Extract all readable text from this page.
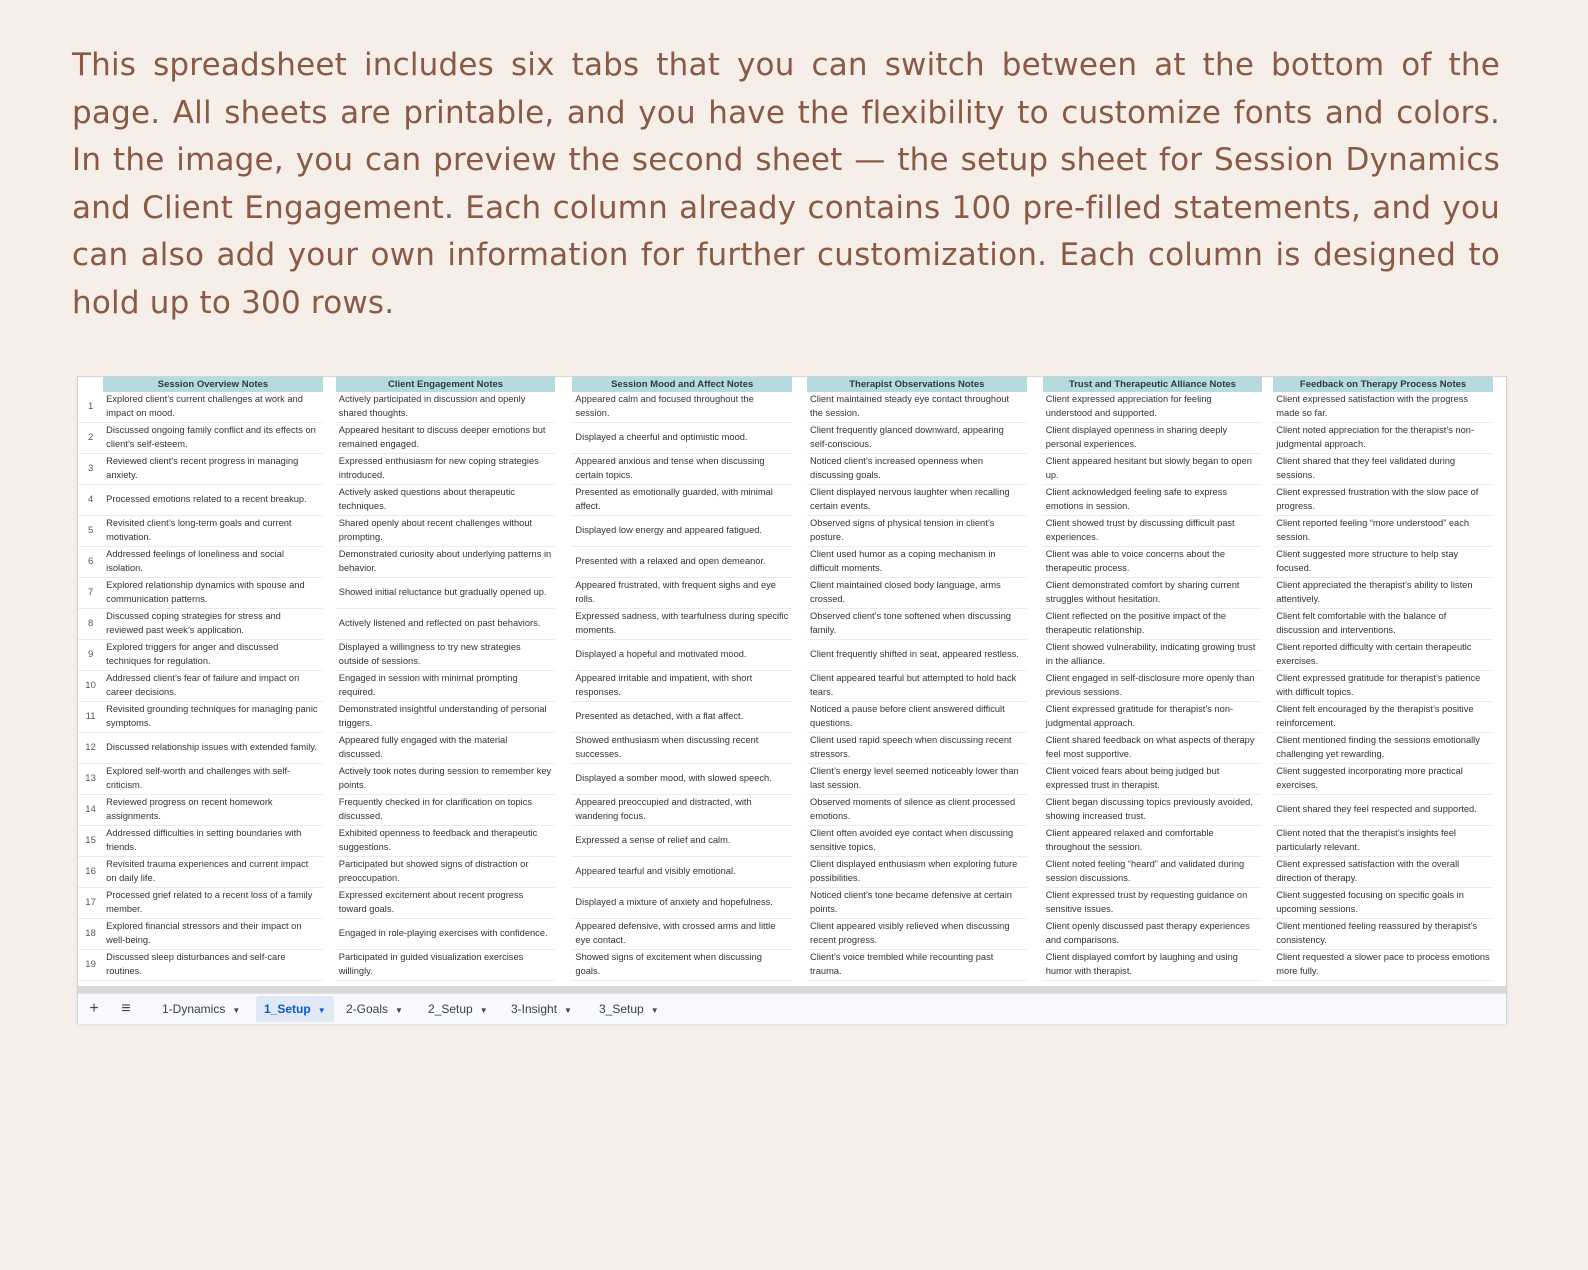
This spreadsheet includes six tabs that you can switch between at the bottom of the page. All sheets are printable, and you have the flexibility to customize fonts and colors. In the image, you can preview the second sheet — the setup sheet for Session Dynamics and Client Engagement. Each column already contains 100 pre-filled statements, and you can also add your own information for further customization. Each column is designed to hold up to 300 rows.

	Session Overview Notes		Client Engagement Notes		Session Mood and Affect Notes		Therapist Observations Notes		Trust and Therapeutic Alliance Notes		Feedback on Therapy Process Notes	
1	Explored client’s current challenges at work and impact on mood.		Actively participated in discussion and openly shared thoughts.		Appeared calm and focused throughout the session.		Client maintained steady eye contact throughout the session.		Client expressed appreciation for feeling understood and supported.		Client expressed satisfaction with the progress made so far.	
2	Discussed ongoing family conflict and its effects on client’s self-esteem.		Appeared hesitant to discuss deeper emotions but remained engaged.		Displayed a cheerful and optimistic mood.		Client frequently glanced downward, appearing self-conscious.		Client displayed openness in sharing deeply personal experiences.		Client noted appreciation for the therapist’s non-judgmental approach.	
3	Reviewed client’s recent progress in managing anxiety.		Expressed enthusiasm for new coping strategies introduced.		Appeared anxious and tense when discussing certain topics.		Noticed client’s increased openness when discussing goals.		Client appeared hesitant but slowly began to open up.		Client shared that they feel validated during sessions.	
4	Processed emotions related to a recent breakup.		Actively asked questions about therapeutic techniques.		Presented as emotionally guarded, with minimal affect.		Client displayed nervous laughter when recalling certain events.		Client acknowledged feeling safe to express emotions in session.		Client expressed frustration with the slow pace of progress.	
5	Revisited client’s long-term goals and current motivation.		Shared openly about recent challenges without prompting.		Displayed low energy and appeared fatigued.		Observed signs of physical tension in client’s posture.		Client showed trust by discussing difficult past experiences.		Client reported feeling “more understood” each session.	
6	Addressed feelings of loneliness and social isolation.		Demonstrated curiosity about underlying patterns in behavior.		Presented with a relaxed and open demeanor.		Client used humor as a coping mechanism in difficult moments.		Client was able to voice concerns about the therapeutic process.		Client suggested more structure to help stay focused.	
7	Explored relationship dynamics with spouse and communication patterns.		Showed initial reluctance but gradually opened up.		Appeared frustrated, with frequent sighs and eye rolls.		Client maintained closed body language, arms crossed.		Client demonstrated comfort by sharing current struggles without hesitation.		Client appreciated the therapist’s ability to listen attentively.	
8	Discussed coping strategies for stress and reviewed past week’s application.		Actively listened and reflected on past behaviors.		Expressed sadness, with tearfulness during specific moments.		Observed client’s tone softened when discussing family.		Client reflected on the positive impact of the therapeutic relationship.		Client felt comfortable with the balance of discussion and interventions.	
9	Explored triggers for anger and discussed techniques for regulation.		Displayed a willingness to try new strategies outside of sessions.		Displayed a hopeful and motivated mood.		Client frequently shifted in seat, appeared restless.		Client showed vulnerability, indicating growing trust in the alliance.		Client reported difficulty with certain therapeutic exercises.	
10	Addressed client’s fear of failure and impact on career decisions.		Engaged in session with minimal prompting required.		Appeared irritable and impatient, with short responses.		Client appeared tearful but attempted to hold back tears.		Client engaged in self-disclosure more openly than previous sessions.		Client expressed gratitude for therapist’s patience with difficult topics.	
11	Revisited grounding techniques for managing panic symptoms.		Demonstrated insightful understanding of personal triggers.		Presented as detached, with a flat affect.		Noticed a pause before client answered difficult questions.		Client expressed gratitude for therapist’s non-judgmental approach.		Client felt encouraged by the therapist’s positive reinforcement.	
12	Discussed relationship issues with extended family.		Appeared fully engaged with the material discussed.		Showed enthusiasm when discussing recent successes.		Client used rapid speech when discussing recent stressors.		Client shared feedback on what aspects of therapy feel most supportive.		Client mentioned finding the sessions emotionally challenging yet rewarding.	
13	Explored self-worth and challenges with self-criticism.		Actively took notes during session to remember key points.		Displayed a somber mood, with slowed speech.		Client’s energy level seemed noticeably lower than last session.		Client voiced fears about being judged but expressed trust in therapist.		Client suggested incorporating more practical exercises.	
14	Reviewed progress on recent homework assignments.		Frequently checked in for clarification on topics discussed.		Appeared preoccupied and distracted, with wandering focus.		Observed moments of silence as client processed emotions.		Client began discussing topics previously avoided, showing increased trust.		Client shared they feel respected and supported.	
15	Addressed difficulties in setting boundaries with friends.		Exhibited openness to feedback and therapeutic suggestions.		Expressed a sense of relief and calm.		Client often avoided eye contact when discussing sensitive topics.		Client appeared relaxed and comfortable throughout the session.		Client noted that the therapist’s insights feel particularly relevant.	
16	Revisited trauma experiences and current impact on daily life.		Participated but showed signs of distraction or preoccupation.		Appeared tearful and visibly emotional.		Client displayed enthusiasm when exploring future possibilities.		Client noted feeling “heard” and validated during session discussions.		Client expressed satisfaction with the overall direction of therapy.	
17	Processed grief related to a recent loss of a family member.		Expressed excitement about recent progress toward goals.		Displayed a mixture of anxiety and hopefulness.		Noticed client’s tone became defensive at certain points.		Client expressed trust by requesting guidance on sensitive issues.		Client suggested focusing on specific goals in upcoming sessions.	
18	Explored financial stressors and their impact on well-being.		Engaged in role-playing exercises with confidence.		Appeared defensive, with crossed arms and little eye contact.		Client appeared visibly relieved when discussing recent progress.		Client openly discussed past therapy experiences and comparisons.		Client mentioned feeling reassured by therapist’s consistency.	
19	Discussed sleep disturbances and self-care routines.		Participated in guided visualization exercises willingly.		Showed signs of excitement when discussing goals.		Client’s voice trembled while recounting past trauma.		Client displayed comfort by laughing and using humor with therapist.		Client requested a slower pace to process emotions more fully.	
+	≡	1-Dynamics ▼	1_Setup ▼	2-Goals ▼	2_Setup ▼	3-Insight ▼	3_Setup ▼
